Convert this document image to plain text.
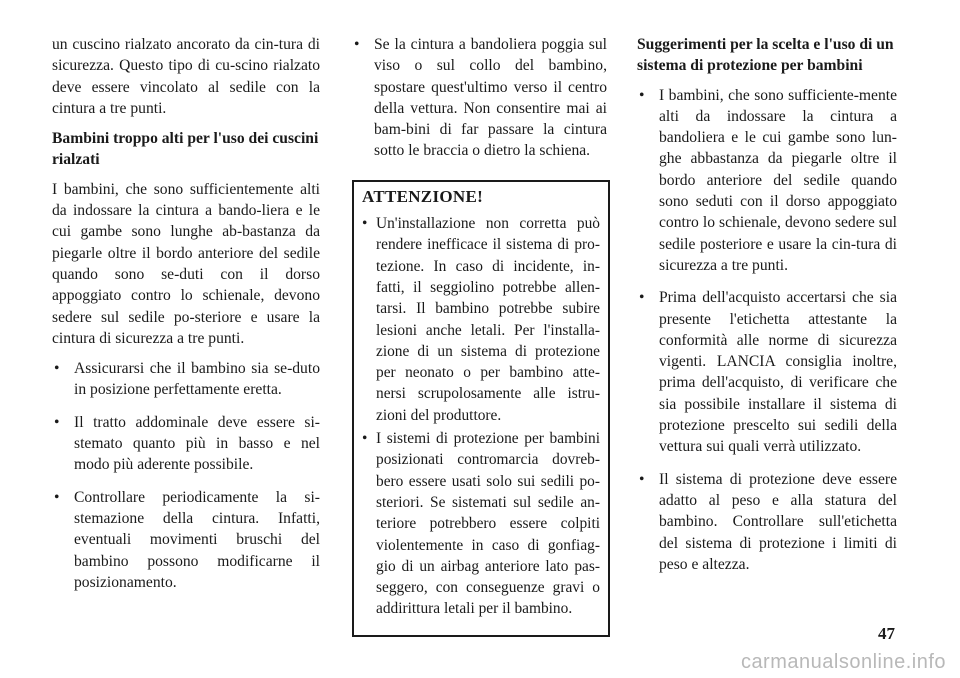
un cuscino rialzato ancorato da cin-tura di sicurezza. Questo tipo di cu-scino rialzato deve essere vincolato al sedile con la cintura a tre punti.

Bambini troppo alti per l'uso dei cuscini rialzati

I bambini, che sono sufficientemente alti da indossare la cintura a bando-liera e le cui gambe sono lunghe ab-bastanza da piegarle oltre il bordo anteriore del sedile quando sono se-duti con il dorso appoggiato contro lo schienale, devono sedere sul sedile po-steriore e usare la cintura di sicurezza a tre punti.

• Assicurarsi che il bambino sia se-duto in posizione perfettamente eretta.
• Il tratto addominale deve essere si-stemato quanto più in basso e nel modo più aderente possibile.
• Controllare periodicamente la si-stemazione della cintura. Infatti, eventuali movimenti bruschi del bambino possono modificarne il posizionamento.
• Se la cintura a bandoliera poggia sul viso o sul collo del bambino, spostare quest'ultimo verso il centro della vettura. Non consentire mai ai bam-bini di far passare la cintura sotto le braccia o dietro la schiena.
ATTENZIONE!
• Un'installazione non corretta può rendere inefficace il sistema di pro-tezione. In caso di incidente, in-fatti, il seggiolino potrebbe allen-tarsi. Il bambino potrebbe subire lesioni anche letali. Per l'installa-zione di un sistema di protezione per neonato o per bambino atte-nersi scrupolosamente alle istru-zioni del produttore.
• I sistemi di protezione per bambini posizionati contromarcia dovreb-bero essere usati solo sui sedili po-steriori. Se sistemati sul sedile an-teriore potrebbero essere colpiti violentemente in caso di gonfiag-gio di un airbag anteriore lato pas-seggero, con conseguenze gravi o addirittura letali per il bambino.
Suggerimenti per la scelta e l'uso di un sistema di protezione per bambini
• I bambini, che sono sufficiente-mente alti da indossare la cintura a bandoliera e le cui gambe sono lun-ghe abbastanza da piegarle oltre il bordo anteriore del sedile quando sono seduti con il dorso appoggiato contro lo schienale, devono sedere sul sedile posteriore e usare la cin-tura di sicurezza a tre punti.
• Prima dell'acquisto accertarsi che sia presente l'etichetta attestante la conformità alle norme di sicurezza vigenti. LANCIA consiglia inoltre, prima dell'acquisto, di verificare che sia possibile installare il sistema di protezione prescelto sui sedili della vettura sui quali verrà utilizzato.
• Il sistema di protezione deve essere adatto al peso e alla statura del bambino. Controllare sull'etichetta del sistema di protezione i limiti di peso e altezza.
47
carmanualsonline.info
